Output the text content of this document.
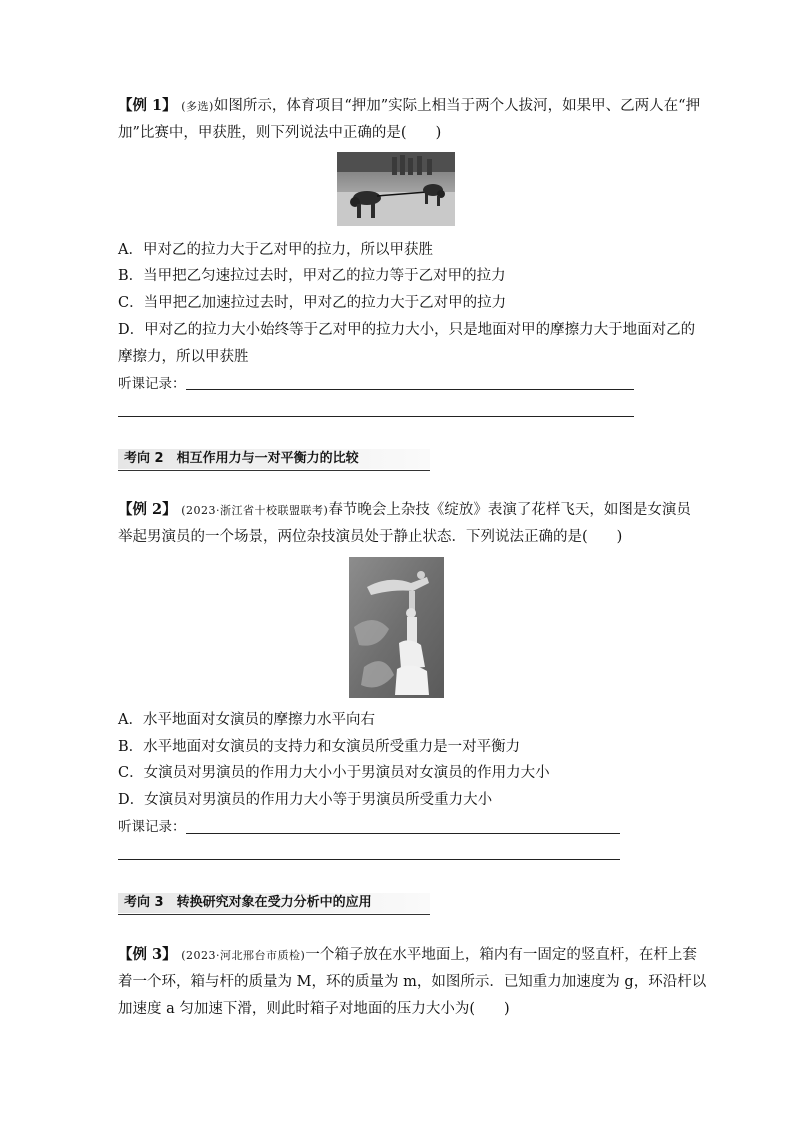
【例 1】 (多选)如图所示，体育项目“押加”实际上相当于两个人拔河，如果甲、乙两人在“押
加”比赛中，甲获胜，则下列说法中正确的是(　　)
A．甲对乙的拉力大于乙对甲的拉力，所以甲获胜
B．当甲把乙匀速拉过去时，甲对乙的拉力等于乙对甲的拉力
C．当甲把乙加速拉过去时，甲对乙的拉力大于乙对甲的拉力
D．甲对乙的拉力大小始终等于乙对甲的拉力大小，只是地面对甲的摩擦力大于地面对乙的
摩擦力，所以甲获胜
听课记录：
考向 2　相互作用力与一对平衡力的比较
【例 2】 (2023·浙江省十校联盟联考)春节晚会上杂技《绽放》表演了花样飞天，如图是女演员
举起男演员的一个场景，两位杂技演员处于静止状态．下列说法正确的是(　　)
A．水平地面对女演员的摩擦力水平向右
B．水平地面对女演员的支持力和女演员所受重力是一对平衡力
C．女演员对男演员的作用力大小小于男演员对女演员的作用力大小
D．女演员对男演员的作用力大小等于男演员所受重力大小
听课记录：
考向 3　转换研究对象在受力分析中的应用
【例 3】 (2023·河北邢台市质检)一个箱子放在水平地面上，箱内有一固定的竖直杆，在杆上套
着一个环，箱与杆的质量为 M，环的质量为 m，如图所示．已知重力加速度为 g，环沿杆以
加速度 a 匀加速下滑，则此时箱子对地面的压力大小为(　　)
